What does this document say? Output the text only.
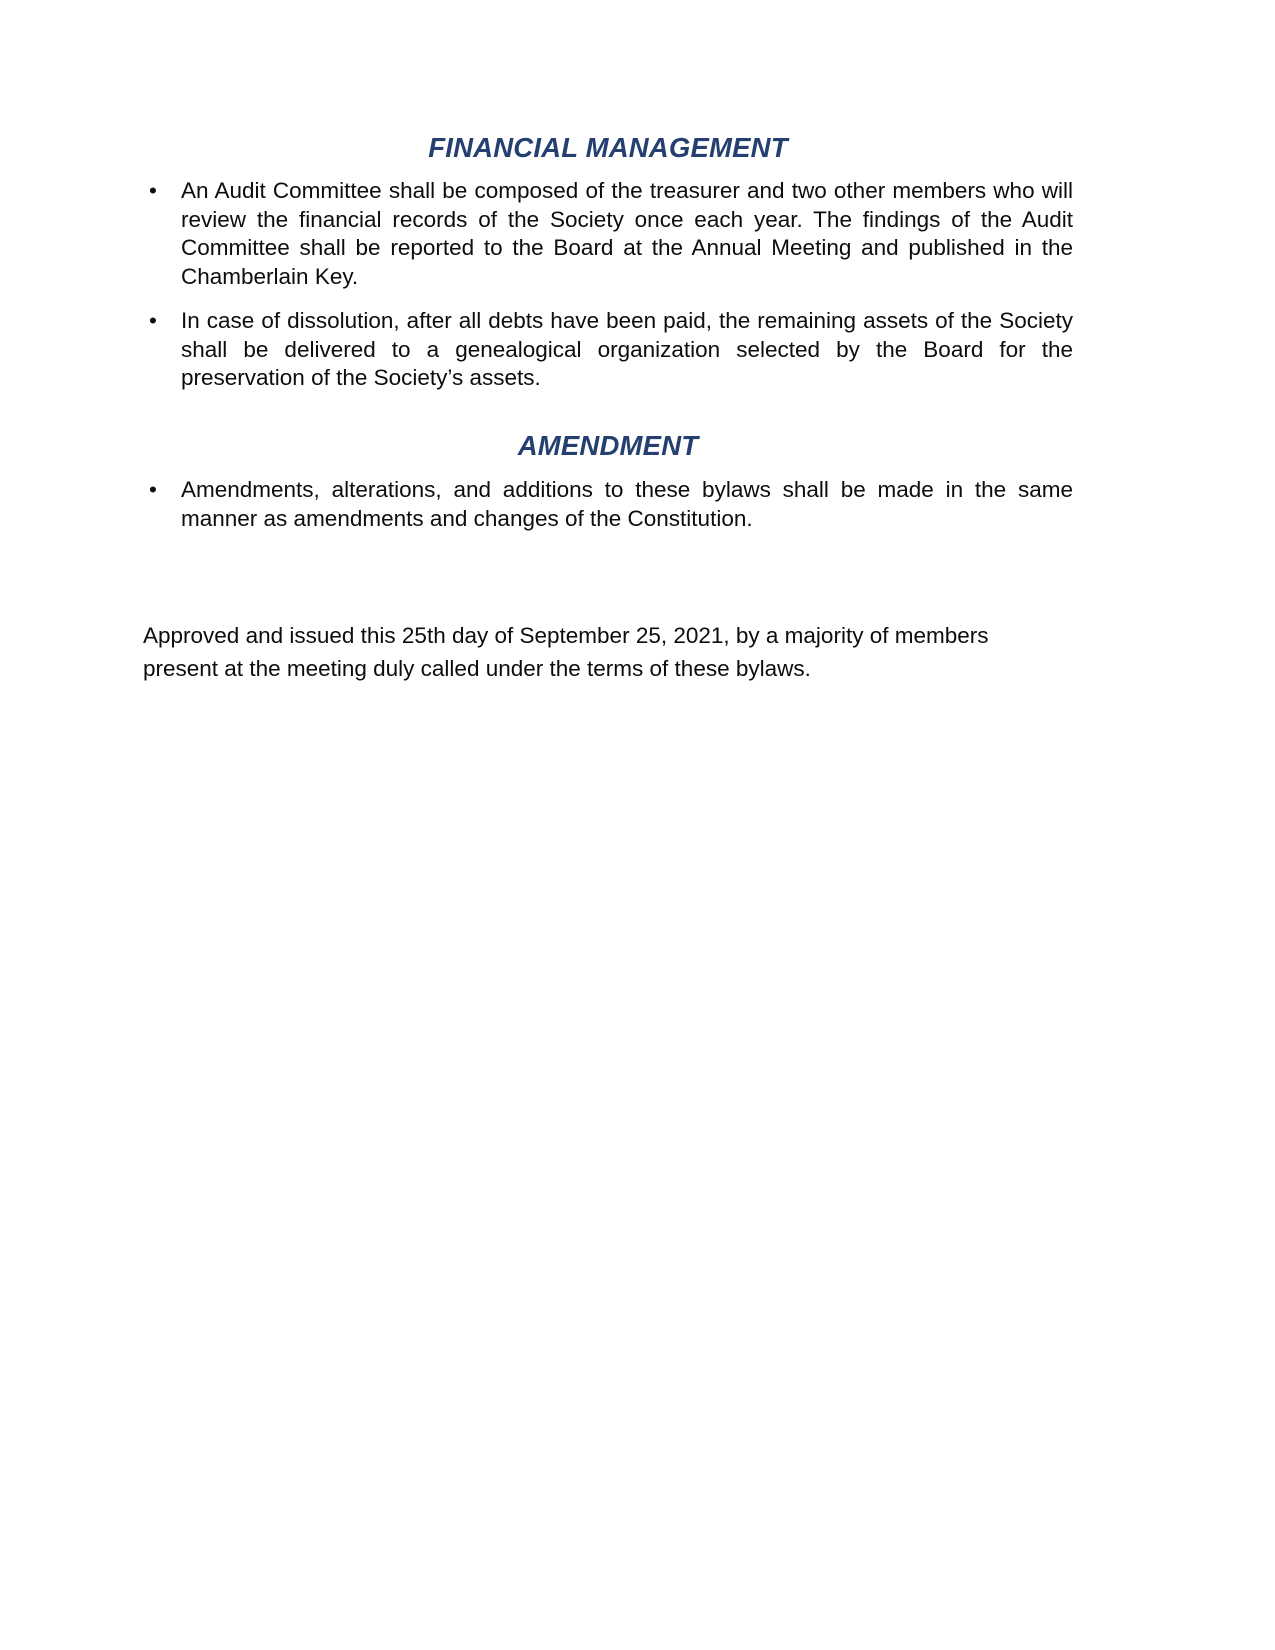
FINANCIAL MANAGEMENT
• An Audit Committee shall be composed of the treasurer and two other members who will review the financial records of the Society once each year. The findings of the Audit Committee shall be reported to the Board at the Annual Meeting and published in the Chamberlain Key.
• In case of dissolution, after all debts have been paid, the remaining assets of the Society shall be delivered to a genealogical organization selected by the Board for the preservation of the Society’s assets.
AMENDMENT
• Amendments, alterations, and additions to these bylaws shall be made in the same manner as amendments and changes of the Constitution.

Approved and issued this 25th day of September 25, 2021, by a majority of members present at the meeting duly called under the terms of these bylaws.
